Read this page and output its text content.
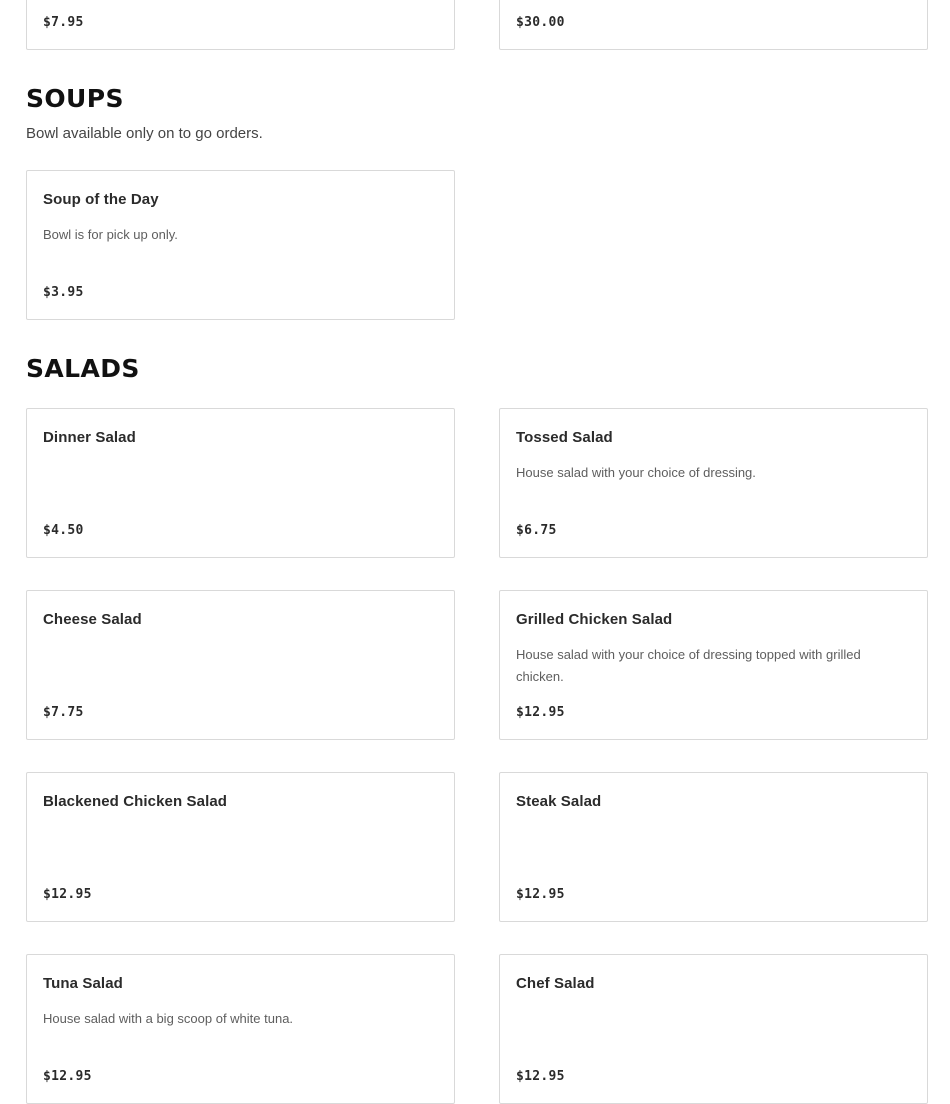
$7.95	$30.00
SOUPS

Bowl available only on to go orders.

Soup of the Day
Bowl is for pick up only.
$3.95
SALADS
Dinner Salad
$4.50
Tossed Salad
House salad with your choice of dressing.
$6.75
Cheese Salad
$7.75
Grilled Chicken Salad
House salad with your choice of dressing topped with grilled chicken.
$12.95
Blackened Chicken Salad
$12.95
Steak Salad
$12.95
Tuna Salad
House salad with a big scoop of white tuna.
$12.95
Chef Salad
$12.95
